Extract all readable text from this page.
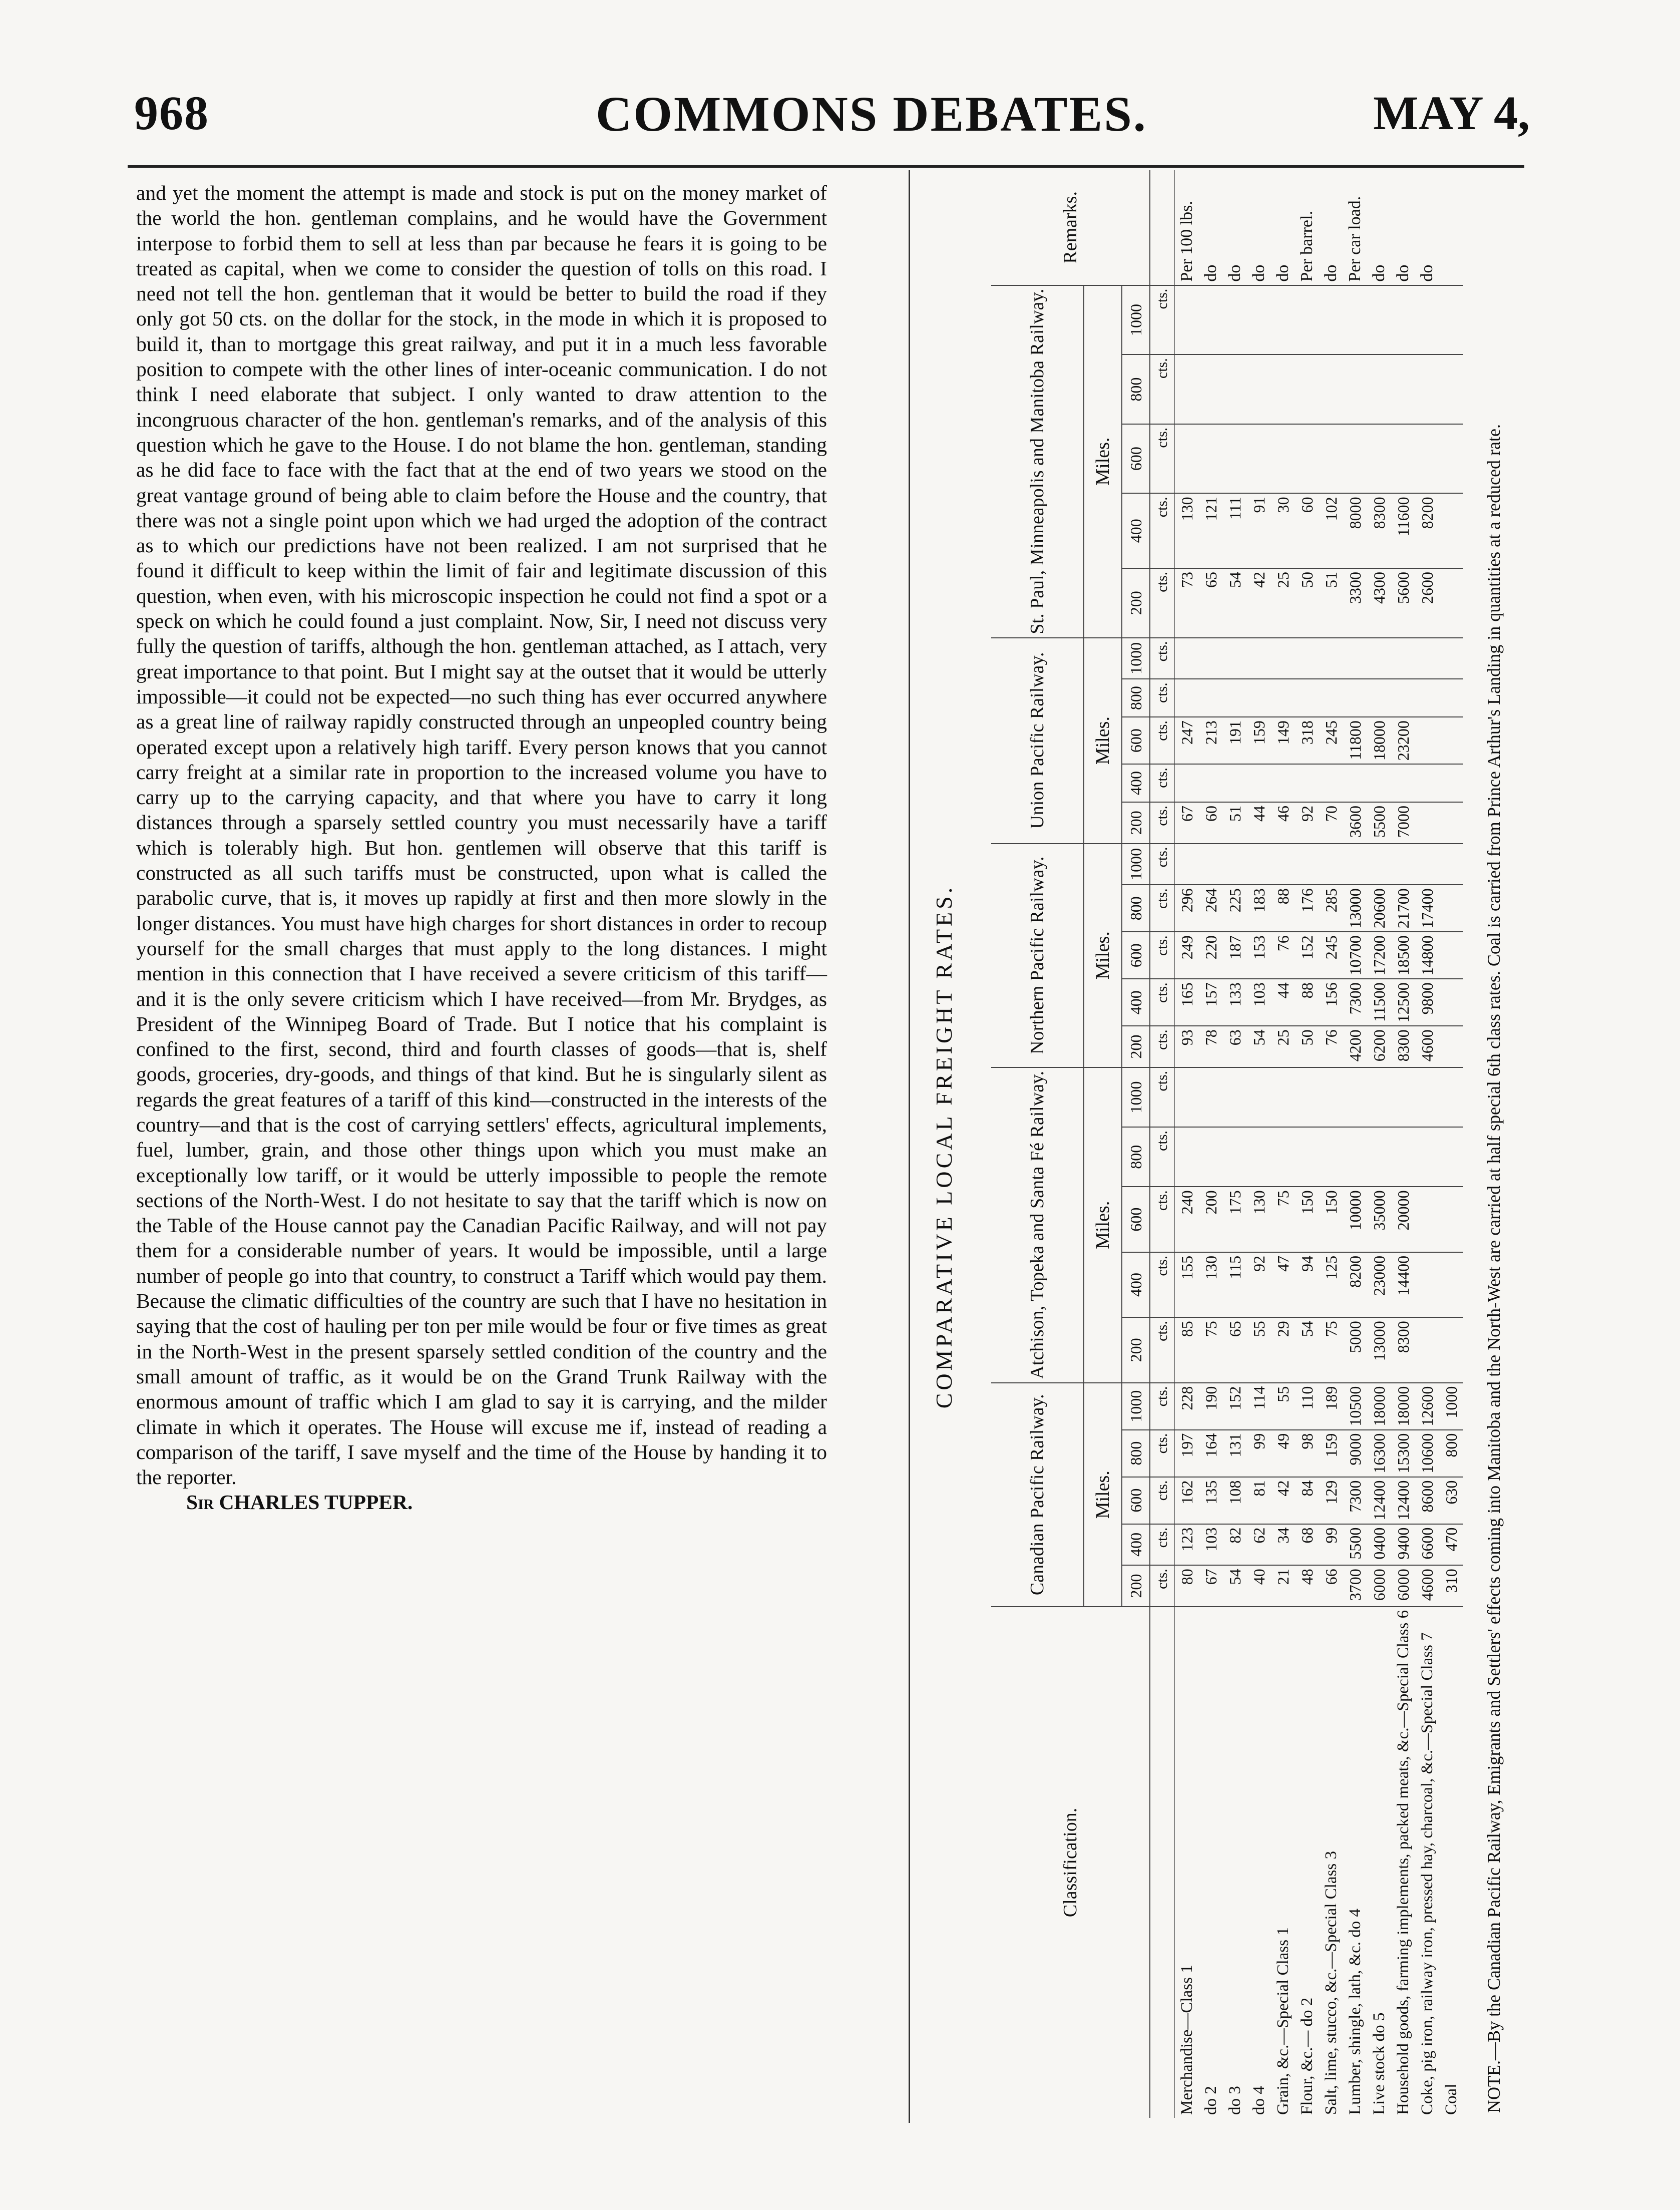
968	COMMONS DEBATES.	MAY 4,

and yet the moment the attempt is made and stock is put on the money market of the world the hon. gentleman complains, and he would have the Government interpose to forbid them to sell at less than par because he fears it is going to be treated as capital, when we come to consider the question of tolls on this road. I need not tell the hon. gentleman that it would be better to build the road if they only got 50 cts. on the dollar for the stock, in the mode in which it is proposed to build it, than to mortgage this great railway, and put it in a much less favorable position to compete with the other lines of inter-oceanic communication. I do not think I need elaborate that subject. I only wanted to draw attention to the incongruous character of the hon. gentleman's remarks, and of the analysis of this question which he gave to the House. I do not blame the hon. gentleman, standing as he did face to face with the fact that at the end of two years we stood on the great vantage ground of being able to claim before the House and the country, that there was not a single point upon which we had urged the adoption of the contract as to which our predictions have not been realized. I am not surprised that he found it difficult to keep within the limit of fair and legitimate discussion of this question, when even, with his microscopic inspection he could not find a spot or a speck on which he could found a just complaint. Now, Sir, I need not discuss very fully the question of tariffs, although the hon. gentleman attached, as I attach, very great importance to that point. But I might say at the outset that it would be utterly impossible—it could not be expected—no such thing has ever occurred anywhere as a great line of railway rapidly constructed through an unpeopled country being operated except upon a relatively high tariff. Every person knows that you cannot carry freight at a similar rate in proportion to the increased volume you have to carry up to the carrying capacity, and that where you have to carry it long distances through a sparsely settled country you must necessarily have a tariff which is tolerably high. But hon. gentlemen will observe that this tariff is constructed as all such tariffs must be constructed, upon what is called the parabolic curve, that is, it moves up rapidly at first and then more slowly in the longer distances. You must have high charges for short distances in order to recoup yourself for the small charges that must apply to the long distances. I might mention in this connection that I have received a severe criticism of this tariff—and it is the only severe criticism which I have received—from Mr. Brydges, as President of the Winnipeg Board of Trade. But I notice that his complaint is confined to the first, second, third and fourth classes of goods—that is, shelf goods, groceries, dry-goods, and things of that kind. But he is singularly silent as regards the great features of a tariff of this kind—constructed in the interests of the country—and that is the cost of carrying settlers' effects, agricultural implements, fuel, lumber, grain, and those other things upon which you must make an exceptionally low tariff, or it would be utterly impossible to people the remote sections of the North-West. I do not hesitate to say that the tariff which is now on the Table of the House cannot pay the Canadian Pacific Railway, and will not pay them for a considerable number of years. It would be impossible, until a large number of people go into that country, to construct a Tariff which would pay them. Because the climatic difficulties of the country are such that I have no hesitation in saying that the cost of hauling per ton per mile would be four or five times as great in the North-West in the present sparsely settled condition of the country and the small amount of traffic, as it would be on the Grand Trunk Railway with the enormous amount of traffic which I am glad to say it is carrying, and the milder climate in which it operates. The House will excuse me if, instead of reading a comparison of the tariff, I save myself and the time of the House by handing it to the reporter.

Sir CHARLES TUPPER.

COMPARATIVE LOCAL FREIGHT RATES.
Classification.	Canadian Pacific Railway.					Atchison, Topeka and Santa Fé Railway.					Northern Pacific Railway.					Union Pacific Railway.					St. Paul, Minneapolis and Manitoba Railway.					Remarks.
	Miles.					Miles.					Miles.					Miles.					Miles.					
	200	400	600	800	1000	200	400	600	800	1000	200	400	600	800	1000	200	400	600	800	1000	200	400	600	800	1000	
	cts.	cts.	cts.	cts.	cts.	cts.	cts.	cts.	cts.	cts.	cts.	cts.	cts.	cts.	cts.	cts.	cts.	cts.	cts.	cts.	cts.	cts.	cts.	cts.	cts.	
Merchandise—Class 1	80	123	162	197	228	85	155	240			93	165	249	296		67		247			73	130				Per 100 lbs.
do 2	67	103	135	164	190	75	130	200			78	157	220	264		60		213			65	121				do
do 3	54	82	108	131	152	65	115	175			63	133	187	225		51		191			54	111				do
do 4	40	62	81	99	114	55	92	130			54	103	153	183		44		159			42	91				do
Grain, &c.—Special Class 1	21	34	42	49	55	29	47	75			25	44	76	88		46		149			25	30				do
Flour, &c.— do 2	48	68	84	98	110	54	94	150			50	88	152	176		92		318			50	60				Per barrel.
Salt, lime, stucco, &c.—Special Class 3	66	99	129	159	189	75	125	150			76	156	245	285		70		245			51	102				do
Lumber, shingle, lath, &c. do 4	3700	5500	7300	9000	10500	5000	8200	10000			4200	7300	10700	13000		3600		11800			3300	8000				Per car load.
Live stock do 5	6000	0400	12400	16300	18000	13000	23000	35000			6200	11500	17200	20600		5500		18000			4300	8300				do
Household goods, farming implements, packed meats, &c.—Special Class 6	6000	9400	12400	15300	18000	8300	14400	20000			8300	12500	18500	21700		7000		23200			5600	11600				do
Coke, pig iron, railway iron, pressed hay, charcoal, &c.—Special Class 7	4600	6600	8600	10600	12600						4600	9800	14800	17400							2600	8200				do
Coal	310	470	630	800	1000																					NOTE.—By the Canadian Pacific Railway, Emigrants and Settlers' effects coming into Manitoba and the North-West are carried at half special 6th class rates. Coal is carried from Prince Arthur's Landing in quantities at a reduced rate.
